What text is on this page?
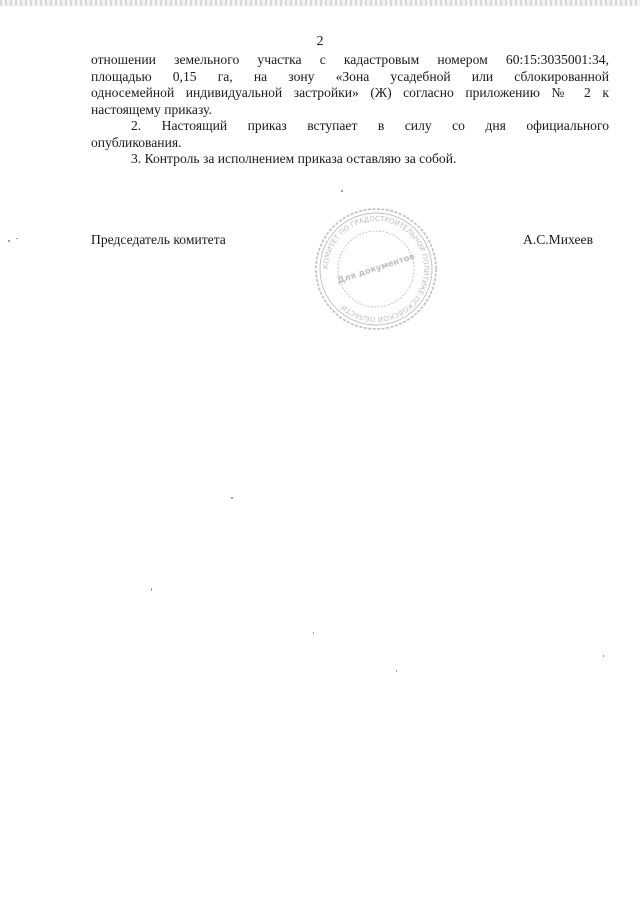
2

отношении земельного участка с кадастровым номером 60:15:3035001:34,
площадью 0,15 га, на зону «Зона усадебной или сблокированной
односемейной индивидуальной застройки» (Ж) согласно приложению № 2 к
настоящему приказу.

2. Настоящий приказ вступает в силу со дня официального
опубликования.

3. Контроль за исполнением приказа оставляю за собой.

Председатель комитета	А.С.Михеев
КОМИТЕТ ПО ГРАДОСТРОИТЕЛЬНОЙ ПОЛИТИКЕ ПСКОВСКОЙ ОБЛАСТИ
Для документов
